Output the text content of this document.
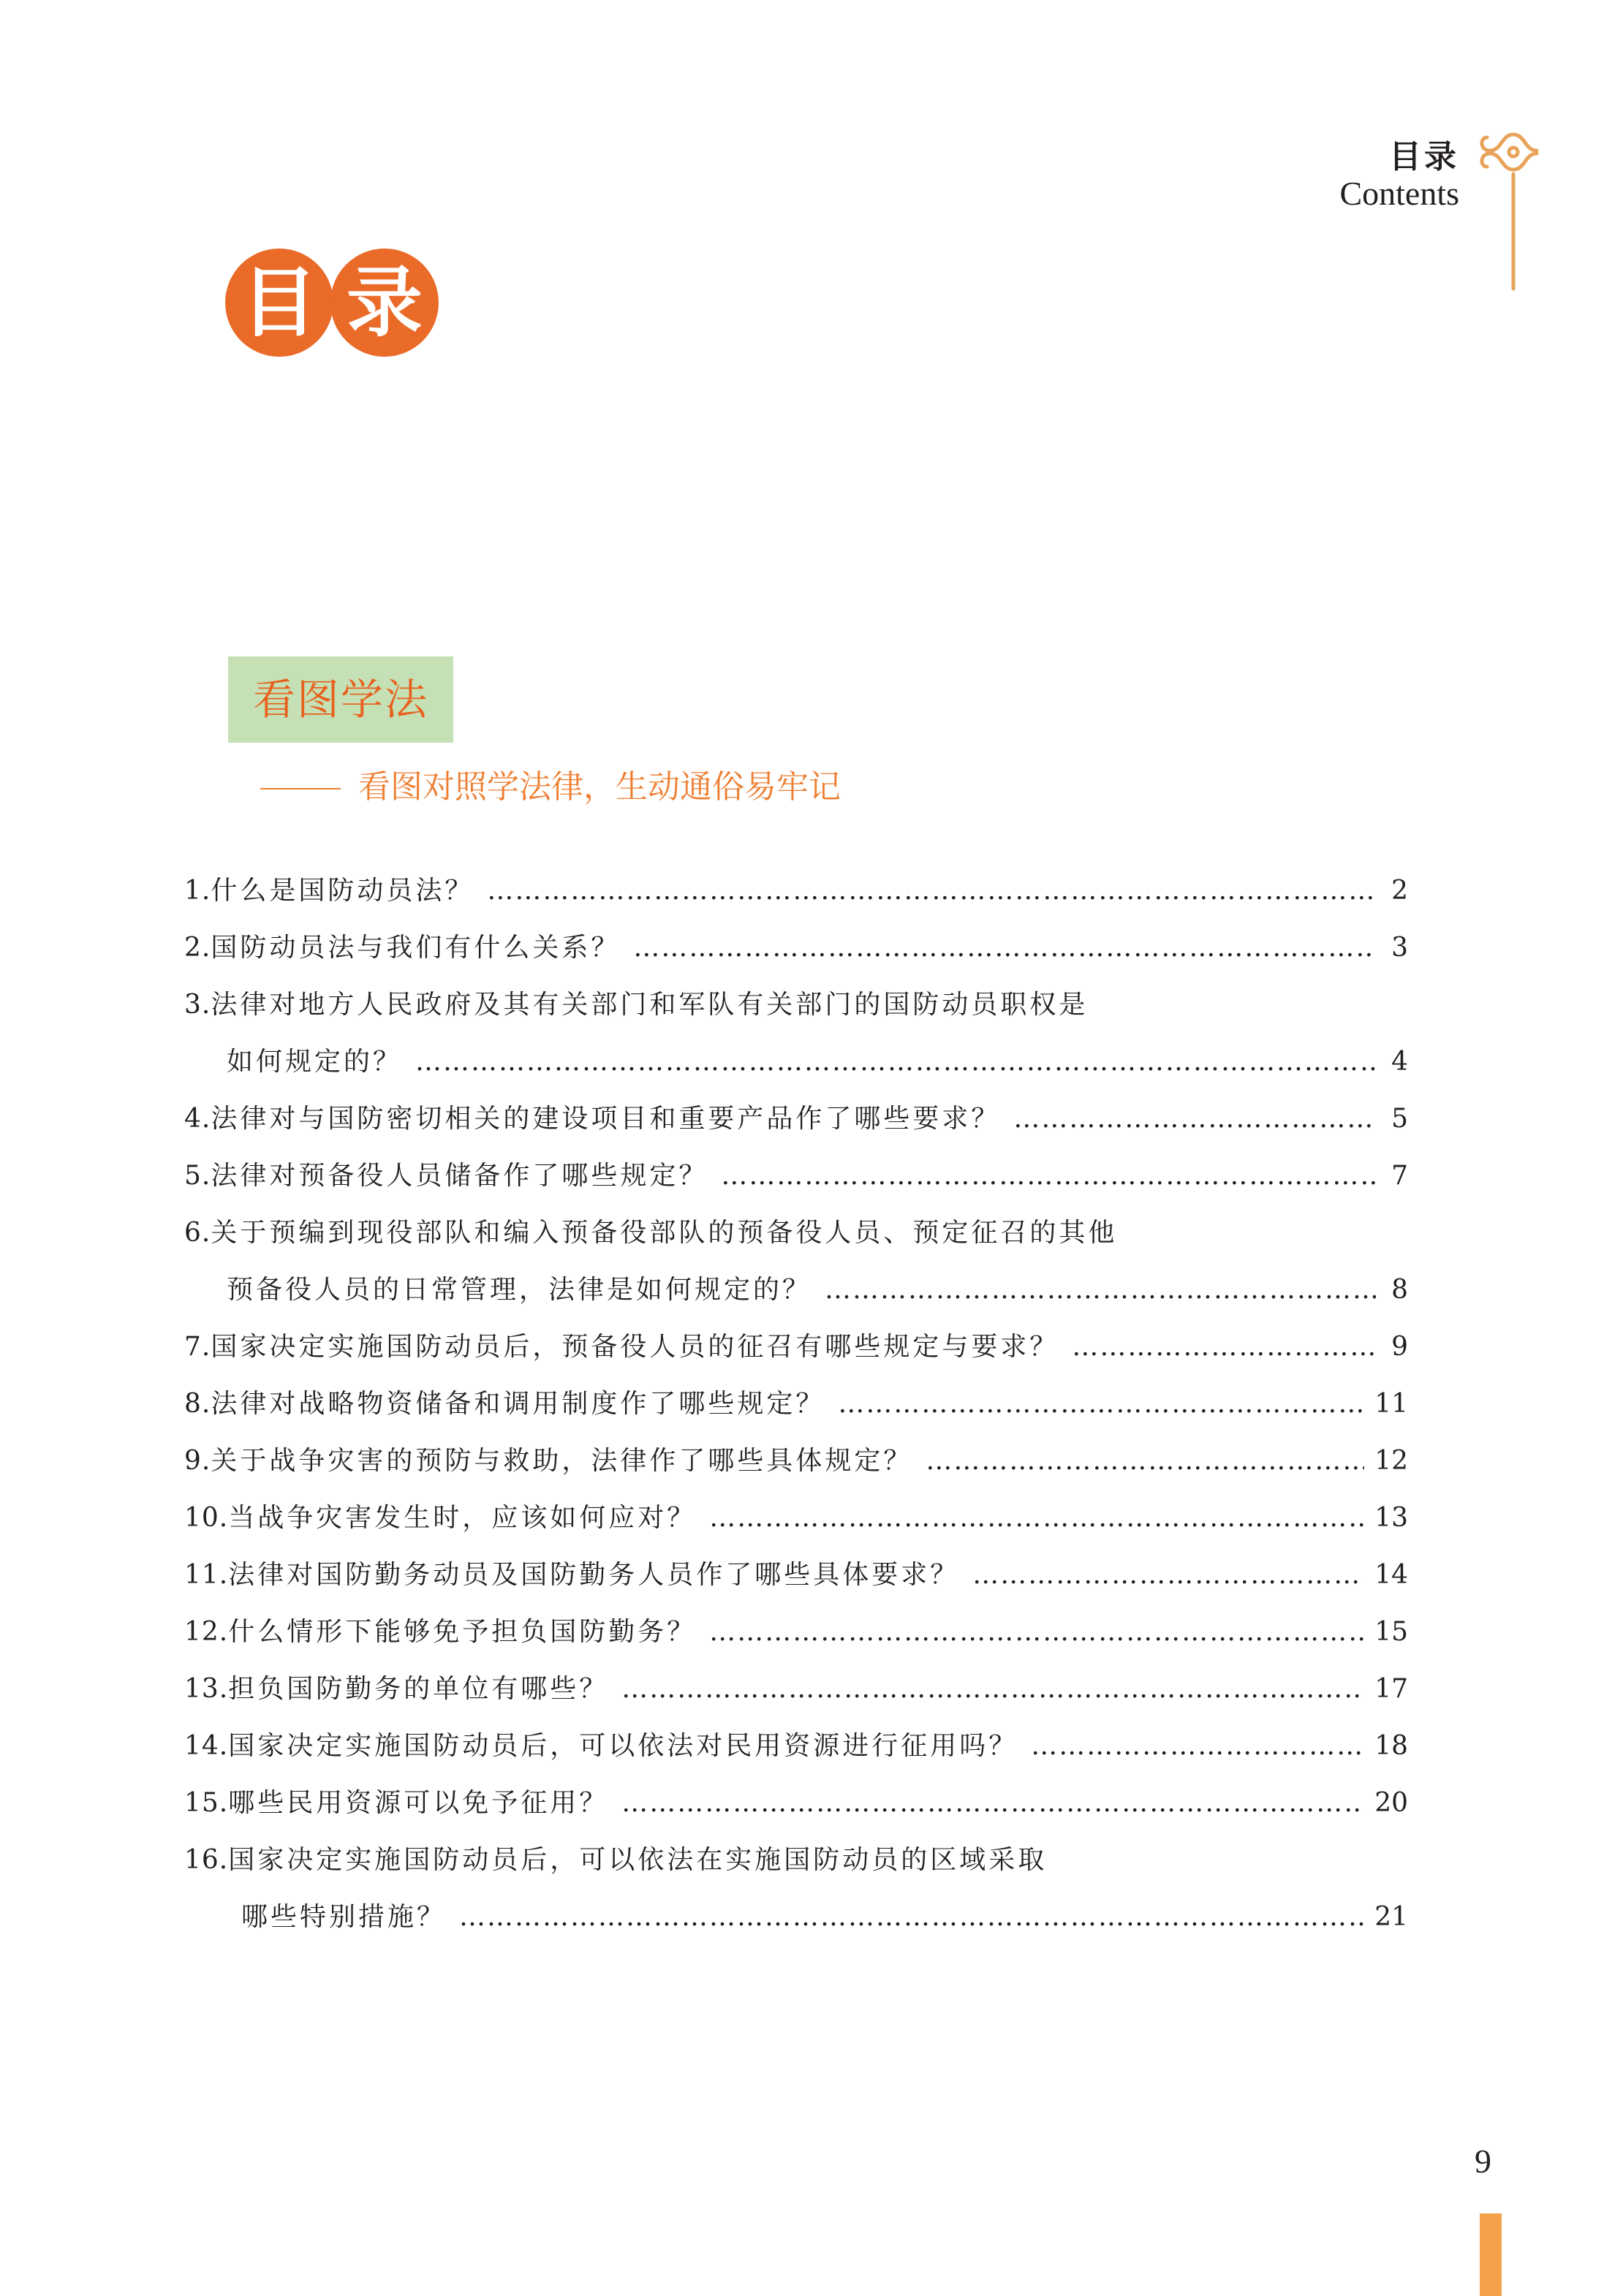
目录
Contents
目 录
看图学法
看图对照学法律，生动通俗易牢记
1. 什么是国防动员法？ …………………………………………………………………………………………………………………………………………………………………………………………	2
2. 国防动员法与我们有什么关系？ …………………………………………………………………………………………………………………………………………………………………………………………	3
3. 法律对地方人民政府及其有关部门和军队有关部门的国防动员职权是
如何规定的？ …………………………………………………………………………………………………………………………………………………………………………………………	4
4. 法律对与国防密切相关的建设项目和重要产品作了哪些要求？ …………………………………………………………………………………………………………………………………………………………………………………………	5
5. 法律对预备役人员储备作了哪些规定？ …………………………………………………………………………………………………………………………………………………………………………………………	7
6. 关于预编到现役部队和编入预备役部队的预备役人员、预定征召的其他
预备役人员的日常管理，法律是如何规定的？ …………………………………………………………………………………………………………………………………………………………………………………………	8
7. 国家决定实施国防动员后，预备役人员的征召有哪些规定与要求？ …………………………………………………………………………………………………………………………………………………………………………………………	9
8. 法律对战略物资储备和调用制度作了哪些规定？ …………………………………………………………………………………………………………………………………………………………………………………………	11
9. 关于战争灾害的预防与救助，法律作了哪些具体规定？ …………………………………………………………………………………………………………………………………………………………………………………………	12
10. 当战争灾害发生时，应该如何应对？ …………………………………………………………………………………………………………………………………………………………………………………………	13
11. 法律对国防勤务动员及国防勤务人员作了哪些具体要求？ …………………………………………………………………………………………………………………………………………………………………………………………	14
12. 什么情形下能够免予担负国防勤务？ …………………………………………………………………………………………………………………………………………………………………………………………	15
13. 担负国防勤务的单位有哪些？ …………………………………………………………………………………………………………………………………………………………………………………………	17
14. 国家决定实施国防动员后，可以依法对民用资源进行征用吗？ …………………………………………………………………………………………………………………………………………………………………………………………	18
15. 哪些民用资源可以免予征用？ …………………………………………………………………………………………………………………………………………………………………………………………	20
16. 国家决定实施国防动员后，可以依法在实施国防动员的区域采取
哪些特别措施？ …………………………………………………………………………………………………………………………………………………………………………………………	21
9
